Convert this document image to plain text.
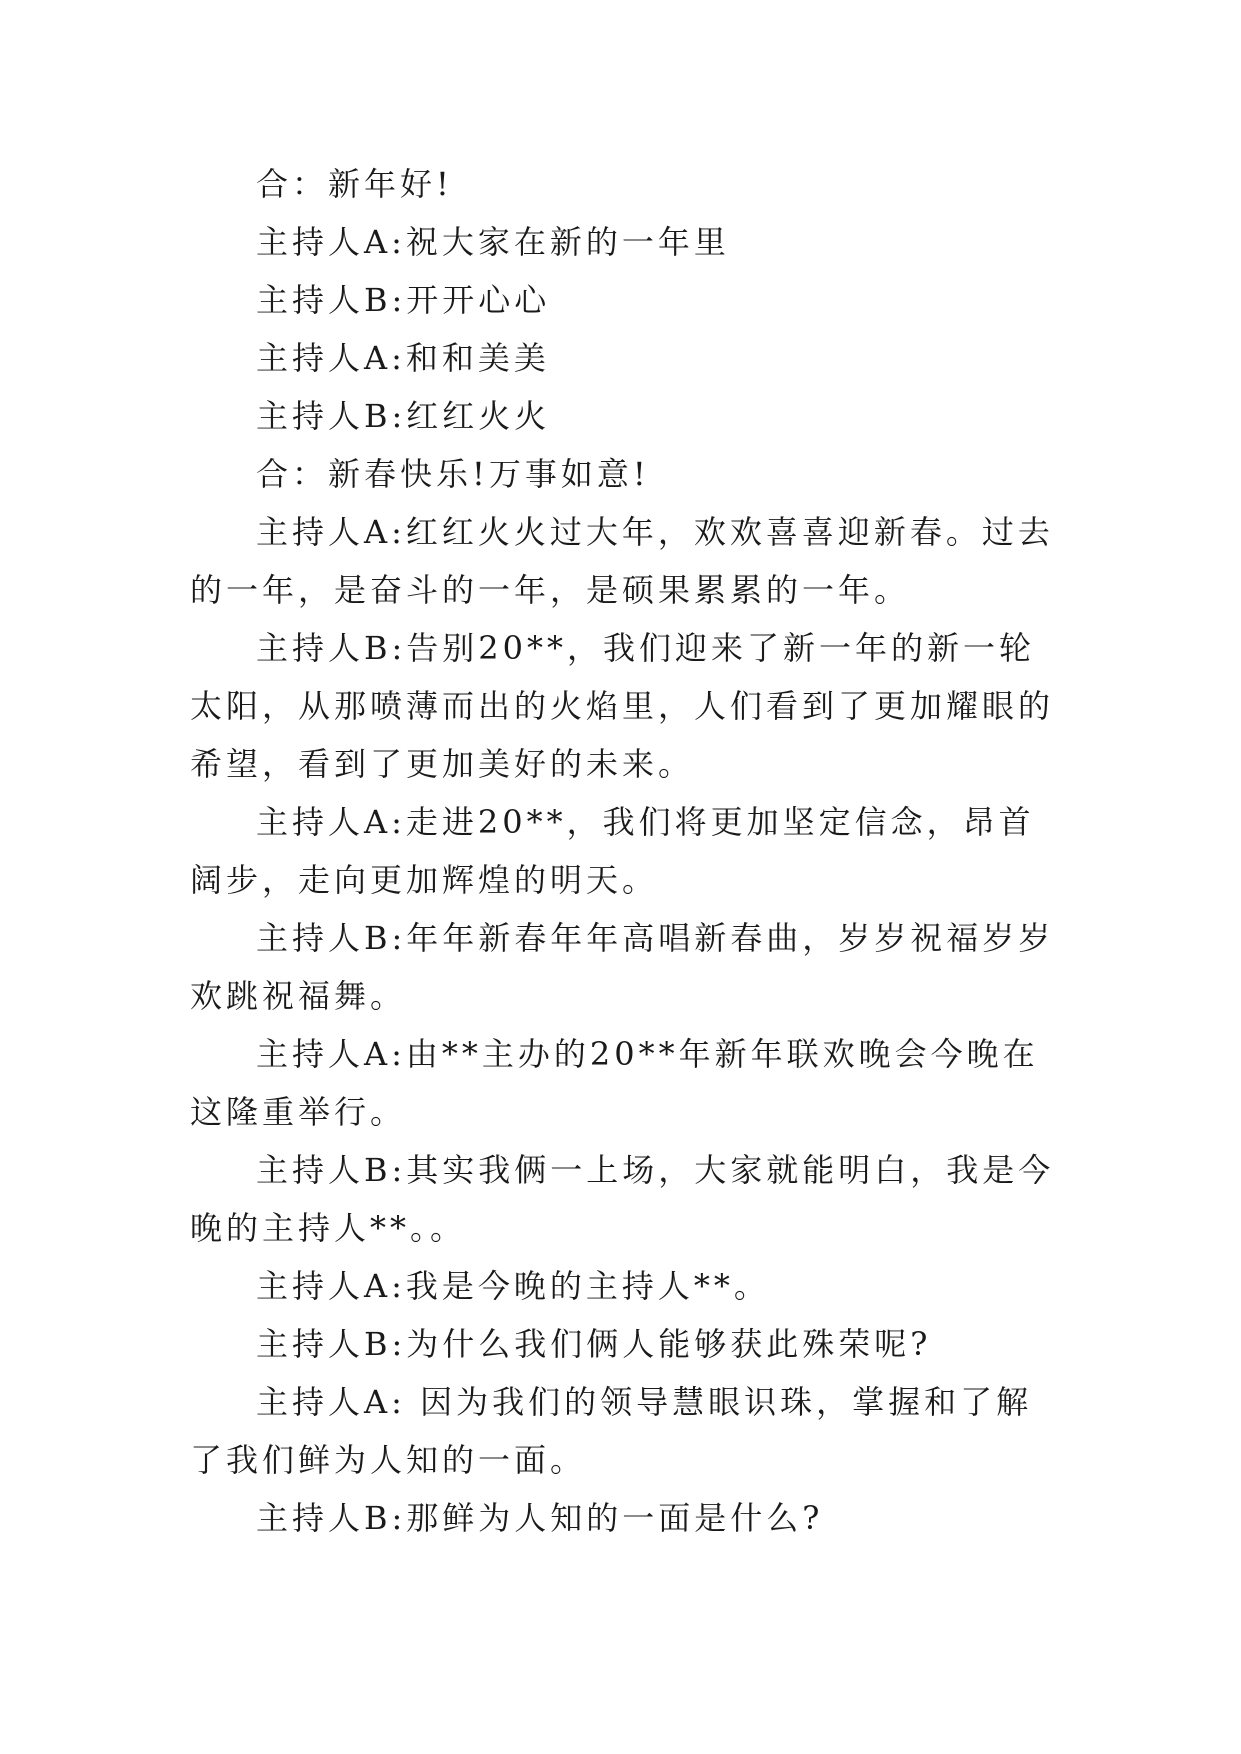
合：新年好!

主持人A:祝大家在新的一年里

主持人B:开开心心

主持人A:和和美美

主持人B:红红火火

合：新春快乐!万事如意!

主持人A:红红火火过大年，欢欢喜喜迎新春。过去的一年，是奋斗的一年，是硕果累累的一年。

主持人B:告别20**，我们迎来了新一年的新一轮太阳，从那喷薄而出的火焰里，人们看到了更加耀眼的希望，看到了更加美好的未来。

主持人A:走进20**，我们将更加坚定信念，昂首阔步，走向更加辉煌的明天。

主持人B:年年新春年年高唱新春曲，岁岁祝福岁岁欢跳祝福舞。

主持人A:由**主办的20**年新年联欢晚会今晚在这隆重举行。

主持人B:其实我俩一上场，大家就能明白，我是今晚的主持人**。。

主持人A:我是今晚的主持人**。

主持人B:为什么我们俩人能够获此殊荣呢?

主持人A: 因为我们的领导慧眼识珠，掌握和了解了我们鲜为人知的一面。

主持人B:那鲜为人知的一面是什么?
